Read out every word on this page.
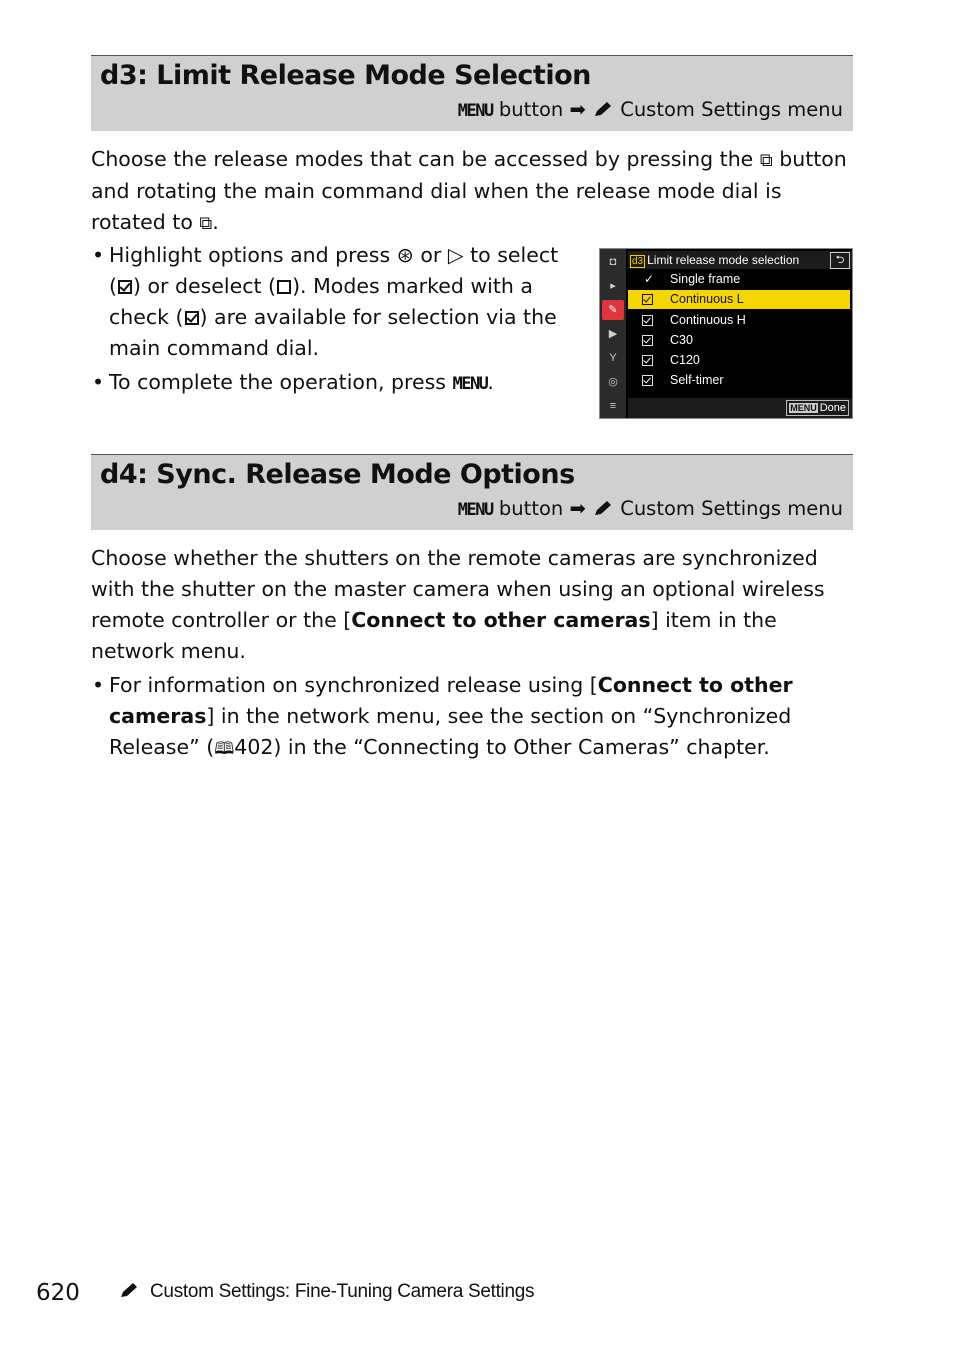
d3: Limit Release Mode Selection
MENU button ➡  Custom Settings menu
Choose the release modes that can be accessed by pressing the ⧉ button and rotating the main command dial when the release mode dial is rotated to ⧉.
• Highlight options and press ⊛ or ▷ to select ( ) or deselect ( ). Modes marked with a check ( ) are available for selection via the main command dial.
• To complete the operation, press MENU.
◘
▸
✎
▶
Y
◎
≡
d3 Limit release mode selection	⮌
✓ Single frame
Continuous L
Continuous H
C30
C120
Self-timer
MENU Done
d4: Sync. Release Mode Options
MENU button ➡  Custom Settings menu
Choose whether the shutters on the remote cameras are synchronized with the shutter on the master camera when using an optional wireless remote controller or the [Connect to other cameras] item in the network menu.
• For information on synchronized release using [Connect to other cameras] in the network menu, see the section on “Synchronized Release” (🕮402) in the “Connecting to Other Cameras” chapter.
620	Custom Settings: Fine-Tuning Camera Settings
